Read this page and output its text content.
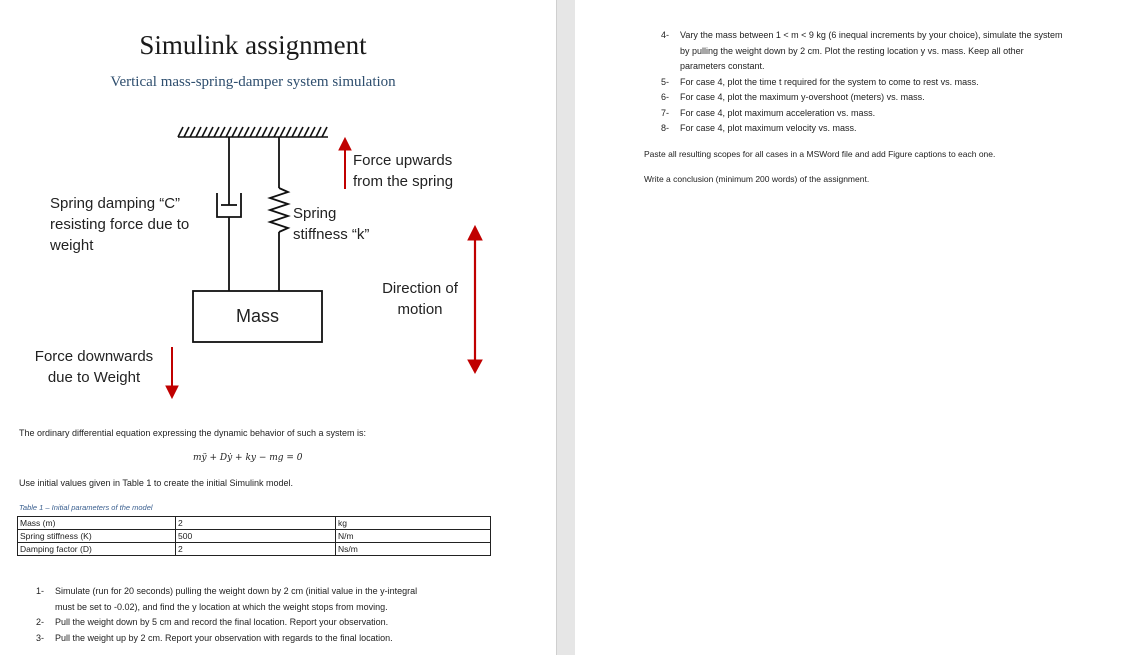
Simulink assignment
Vertical mass-spring-damper system simulation
Force upwards
from the spring
Spring damping “C”
resisting force due to
weight
Spring
stiffness “k”
Direction of
motion
Mass
Force downwards
due to Weight
The ordinary differential equation expressing the dynamic behavior of such a system is:
mÿ + Dẏ + ky − mg = 0
Use initial values given in Table 1 to create the initial Simulink model.
Table 1 – Initial parameters of the model
Mass (m)	2	kg
Spring stiffness (K)	500	N/m
Damping factor (D)	2	Ns/m
1- Simulate (run for 20 seconds) pulling the weight down by 2 cm (initial value in the y-integral
must be set to -0.02), and find the y location at which the weight stops from moving.
2- Pull the weight down by 5 cm and record the final location. Report your observation.
3- Pull the weight up by 2 cm. Report your observation with regards to the final location.
4- Vary the mass between 1 < m < 9 kg (6 inequal increments by your choice), simulate the system
by pulling the weight down by 2 cm. Plot the resting location y vs. mass. Keep all other
parameters constant.
5- For case 4, plot the time t required for the system to come to rest vs. mass.
6- For case 4, plot the maximum y-overshoot (meters) vs. mass.
7- For case 4, plot maximum acceleration vs. mass.
8- For case 4, plot maximum velocity vs. mass.
Paste all resulting scopes for all cases in a MSWord file and add Figure captions to each one.
Write a conclusion (minimum 200 words) of the assignment.
